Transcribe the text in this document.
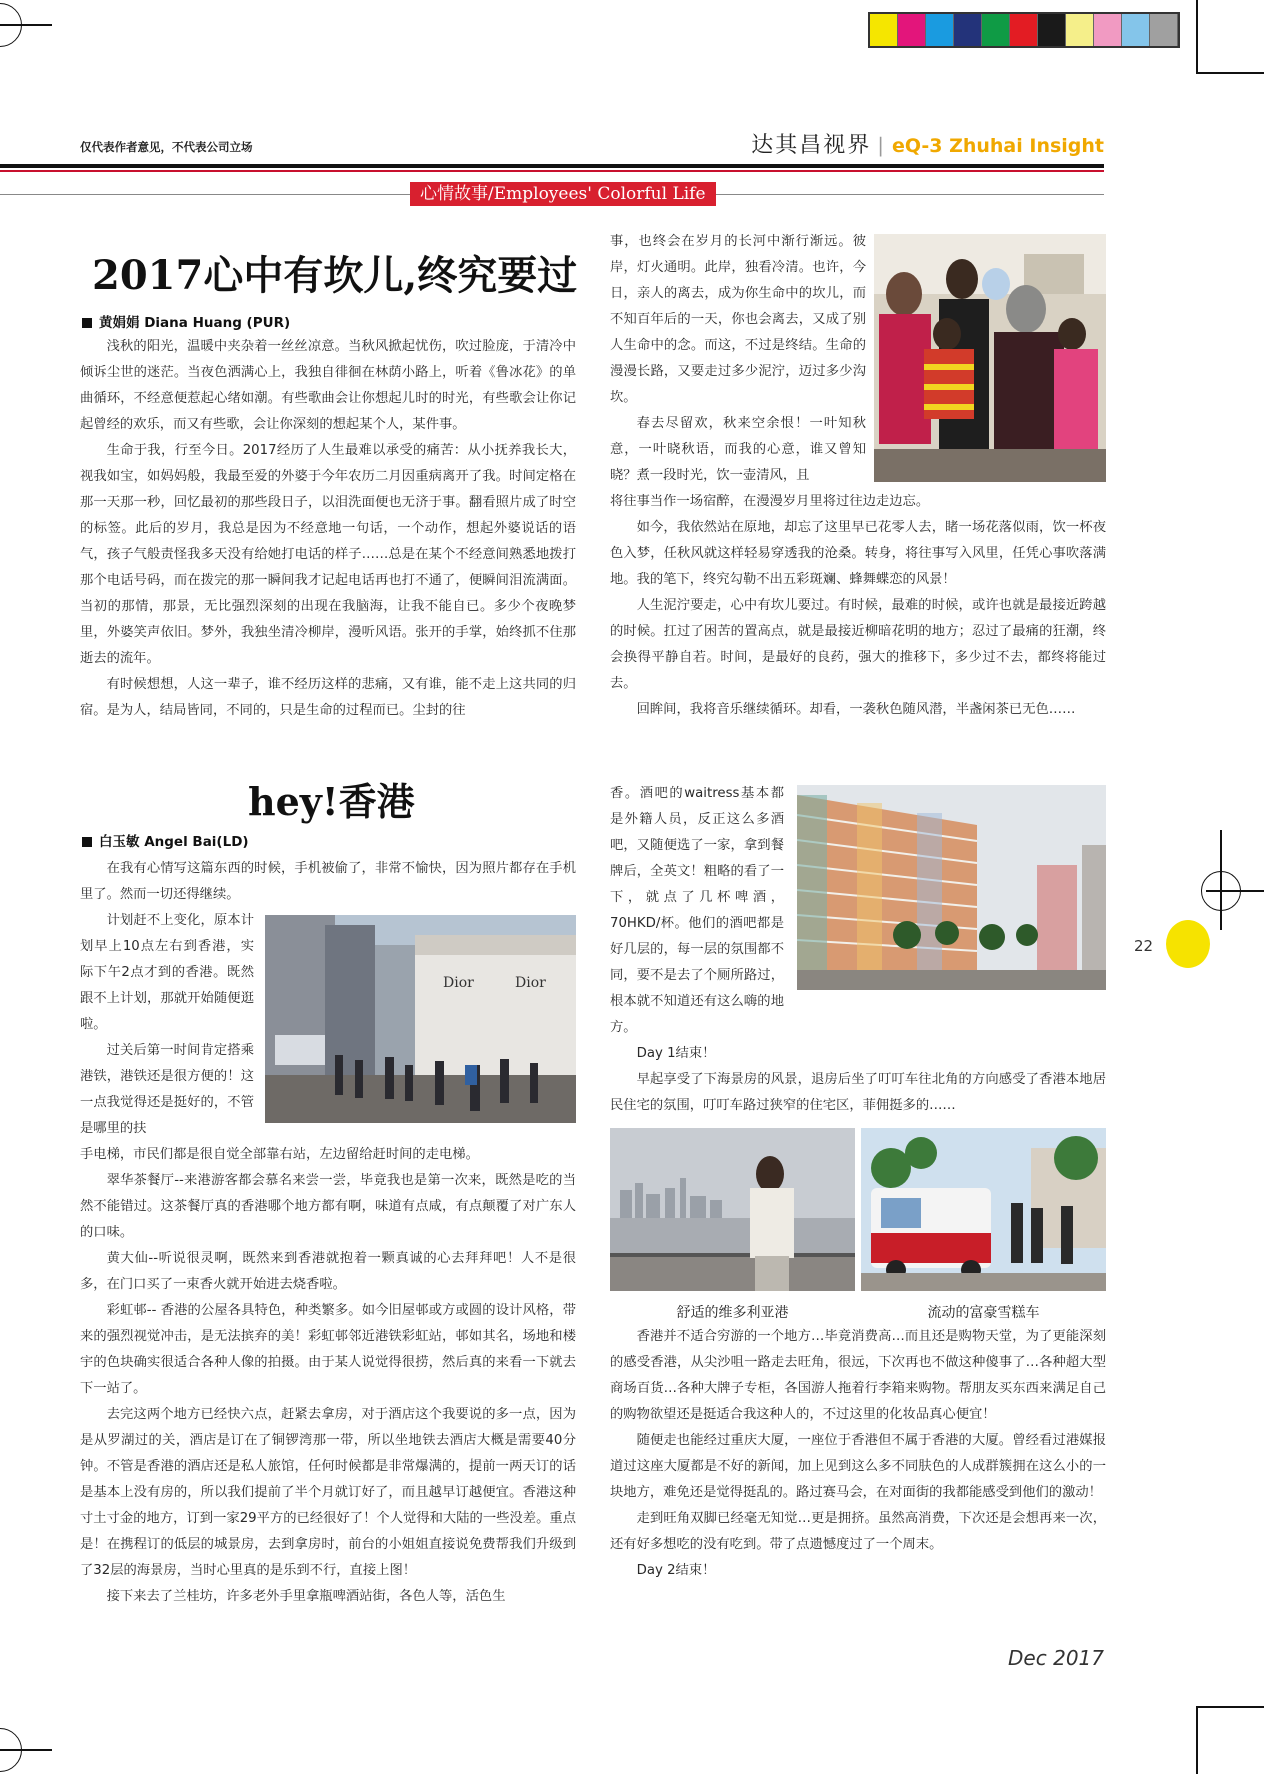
仅代表作者意见，不代表公司立场	达其昌视界 | eQ-3 Zhuhai Insight
心情故事/Employees' Colorful Life
2017心中有坎儿,终究要过
黄娟娟 Diana Huang (PUR)

浅秋的阳光，温暖中夹杂着一丝丝凉意。当秋风掀起忧伤，吹过脸庞，于清冷中倾诉尘世的迷茫。当夜色洒满心上，我独自徘徊在林荫小路上，听着《鲁冰花》的单曲循环，不经意便惹起心绪如潮。有些歌曲会让你想起儿时的时光，有些歌会让你记起曾经的欢乐，而又有些歌，会让你深刻的想起某个人，某件事。

生命于我，行至今日。2017经历了人生最难以承受的痛苦：从小抚养我长大，视我如宝，如妈妈般，我最至爱的外婆于今年农历二月因重病离开了我。时间定格在那一天那一秒，回忆最初的那些段日子，以泪洗面便也无济于事。翻看照片成了时空的标签。此后的岁月，我总是因为不经意地一句话，一个动作，想起外婆说话的语气，孩子气般责怪我多天没有给她打电话的样子……总是在某个不经意间熟悉地拨打那个电话号码，而在拨完的那一瞬间我才记起电话再也打不通了，便瞬间泪流满面。当初的那情，那景，无比强烈深刻的出现在我脑海，让我不能自已。多少个夜晚梦里，外婆笑声依旧。梦外，我独坐清冷柳岸，漫听风语。张开的手掌，始终抓不住那逝去的流年。

有时候想想，人这一辈子，谁不经历这样的悲痛，又有谁，能不走上这共同的归宿。是为人，结局皆同，不同的，只是生命的过程而已。尘封的往

事，也终会在岁月的长河中渐行渐远。彼岸，灯火通明。此岸，独看冷清。也许，今日，亲人的离去，成为你生命中的坎儿，而不知百年后的一天，你也会离去，又成了别人生命中的念。而这，不过是终结。生命的漫漫长路，又要走过多少泥泞，迈过多少沟坎。

春去尽留欢，秋来空余恨！一叶知秋意，一叶晓秋语，而我的心意，谁又曾知晓？煮一段时光，饮一壶清风，且

将往事当作一场宿醉，在漫漫岁月里将过往边走边忘。

如今，我依然站在原地，却忘了这里早已花零人去，睹一场花落似雨，饮一杯夜色入梦，任秋风就这样轻易穿透我的沧桑。转身，将往事写入风里，任凭心事吹落满地。我的笔下，终究勾勒不出五彩斑斓、蜂舞蝶恋的风景！

人生泥泞要走，心中有坎儿要过。有时候，最难的时候，或许也就是最接近跨越的时候。扛过了困苦的置高点，就是最接近柳暗花明的地方；忍过了最痛的狂潮，终会换得平静自若。时间，是最好的良药，强大的推移下，多少过不去，都终将能过去。

回眸间，我将音乐继续循环。却看，一袭秋色随风潜，半盏闲茶已无色……

hey!香港
白玉敏 Angel Bai(LD)

在我有心情写这篇东西的时候，手机被偷了，非常不愉快，因为照片都存在手机里了。然而一切还得继续。

计划赶不上变化，原本计划早上10点左右到香港，实际下午2点才到的香港。既然跟不上计划，那就开始随便逛啦。

过关后第一时间肯定搭乘港铁，港铁还是很方便的！这一点我觉得还是挺好的，不管是哪里的扶

Dior	Dior

手电梯，市民们都是很自觉全部靠右站，左边留给赶时间的走电梯。

翠华茶餐厅--来港游客都会慕名来尝一尝，毕竟我也是第一次来，既然是吃的当然不能错过。这茶餐厅真的香港哪个地方都有啊，味道有点咸，有点颠覆了对广东人的口味。

黄大仙--听说很灵啊，既然来到香港就抱着一颗真诚的心去拜拜吧！人不是很多，在门口买了一束香火就开始进去烧香啦。

彩虹邨-- 香港的公屋各具特色，种类繁多。如今旧屋邨或方或圆的设计风格，带来的强烈视觉冲击，是无法摈弃的美！彩虹邨邻近港铁彩虹站，邨如其名，场地和楼宇的色块确实很适合各种人像的拍摄。由于某人说觉得很捞，然后真的来看一下就去下一站了。

去完这两个地方已经快六点，赶紧去拿房，对于酒店这个我要说的多一点，因为是从罗湖过的关，酒店是订在了铜锣湾那一带，所以坐地铁去酒店大概是需要40分钟。不管是香港的酒店还是私人旅馆，任何时候都是非常爆满的，提前一两天订的话是基本上没有房的，所以我们提前了半个月就订好了，而且越早订越便宜。香港这种寸土寸金的地方，订到一家29平方的已经很好了！个人觉得和大陆的一些没差。重点是！在携程订的低层的城景房，去到拿房时，前台的小姐姐直接说免费帮我们升级到了32层的海景房，当时心里真的是乐到不行，直接上图！

接下来去了兰桂坊，许多老外手里拿瓶啤酒站街，各色人等，活色生

香。酒吧的waitress基本都是外籍人员，反正这么多酒吧，又随便选了一家，拿到餐牌后，全英文！粗略的看了一下，就点了几杯啤酒，70HKD/杯。他们的酒吧都是好几层的，每一层的氛围都不同，要不是去了个厕所路过，根本就不知道还有这么嗨的地方。

Day 1结束！

早起享受了下海景房的风景，退房后坐了叮叮车往北角的方向感受了香港本地居民住宅的氛围，叮叮车路过狭窄的住宅区，菲佣挺多的……

舒适的维多利亚港	流动的富豪雪糕车

香港并不适合穷游的一个地方…毕竟消费高…而且还是购物天堂，为了更能深刻的感受香港，从尖沙咀一路走去旺角，很远，下次再也不做这种傻事了…各种超大型商场百货…各种大牌子专柜，各国游人拖着行李箱来购物。帮朋友买东西来满足自己的购物欲望还是挺适合我这种人的，不过这里的化妆品真心便宜！

随便走也能经过重庆大厦，一座位于香港但不属于香港的大厦。曾经看过港媒报道过这座大厦都是不好的新闻，加上见到这么多不同肤色的人成群簇拥在这么小的一块地方，难免还是觉得挺乱的。路过赛马会，在对面街的我都能感受到他们的激动！

走到旺角双脚已经毫无知觉…更是拥挤。虽然高消费，下次还是会想再来一次，还有好多想吃的没有吃到。带了点遗憾度过了一个周末。

Day 2结束！

Dec 2017
22
